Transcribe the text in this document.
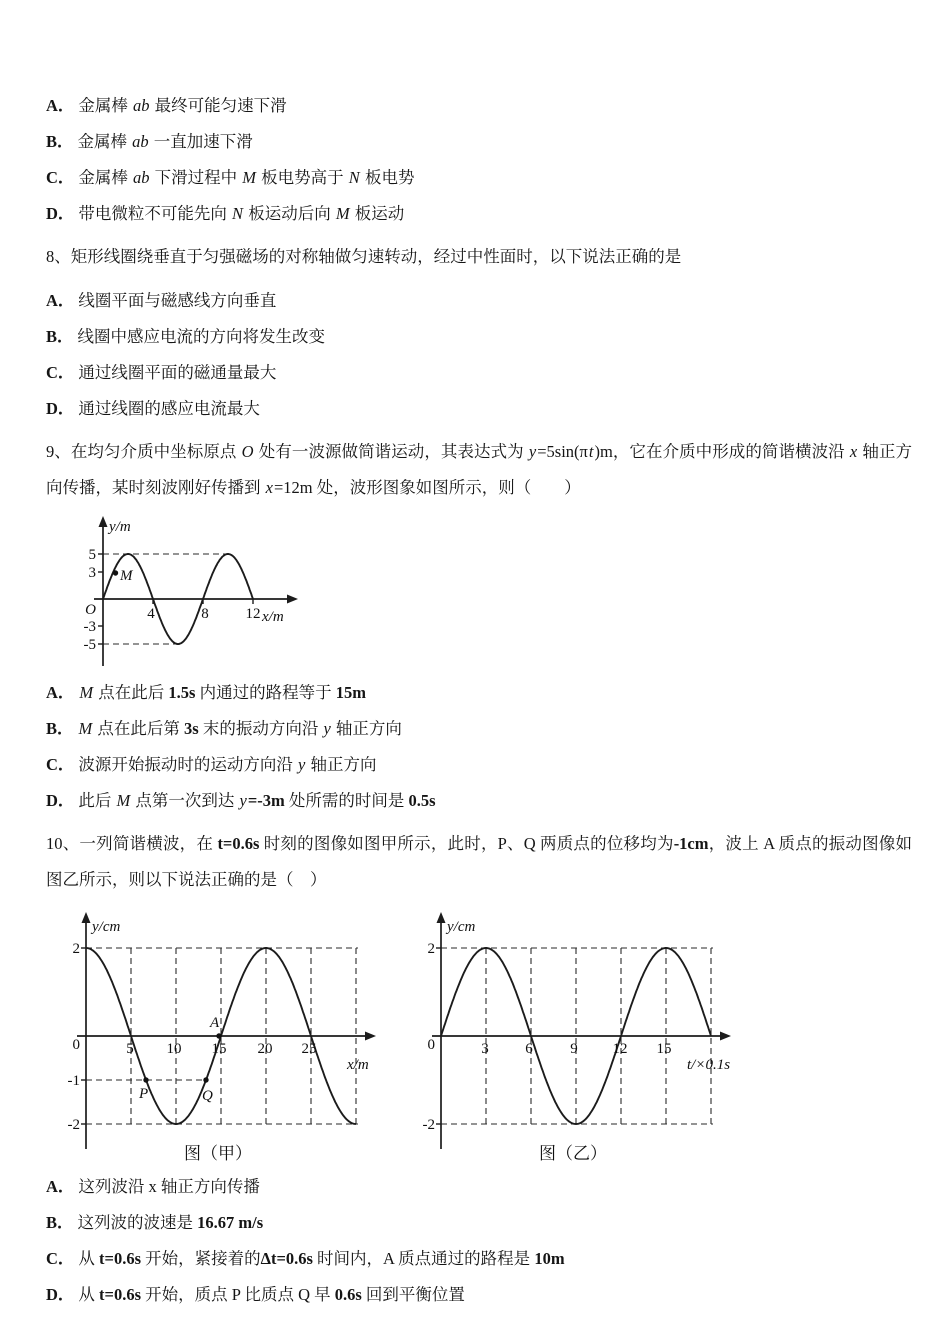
A． 金属棒 ab 最终可能匀速下滑
B． 金属棒 ab 一直加速下滑
C． 金属棒 ab 下滑过程中 M 板电势高于 N 板电势
D． 带电微粒不可能先向 N 板运动后向 M 板运动

8、矩形线圈绕垂直于匀强磁场的对称轴做匀速转动，经过中性面时，以下说法正确的是

A． 线圈平面与磁感线方向垂直
B． 线圈中感应电流的方向将发生改变
C． 通过线圈平面的磁通量最大
D． 通过线圈的感应电流最大

9、在均匀介质中坐标原点 O 处有一波源做简谐运动，其表达式为 y=5sin(πt)m，它在介质中形成的简谐横波沿 x 轴正方向传播，某时刻波刚好传播到 x=12m 处，波形图象如图所示，则（　　）

y/m
x/m
5
3
-3
-5
O	4	8 12
M
A． M 点在此后 1.5s 内通过的路程等于 15m
B． M 点在此后第 3s 末的振动方向沿 y 轴正方向
C． 波源开始振动时的运动方向沿 y 轴正方向
D． 此后 M 点第一次到达 y=-3m 处所需的时间是 0.5s

10、一列简谐横波，在 t=0.6s 时刻的图像如图甲所示，此时，P、Q 两质点的位移均为-1cm，波上 A 质点的振动图像如图乙所示，则以下说法正确的是（　）

y/cm
x/m
2
0
-1
-2
5 10 15 20 25
P	Q
A
图（甲）
y/cm
t/×0.1s
2
0
-2
3 6	9 12 15
图（乙）
A． 这列波沿 x 轴正方向传播
B． 这列波的波速是 16.67 m/s
C． 从 t=0.6s 开始，紧接着的Δt=0.6s 时间内，A 质点通过的路程是 10m
D． 从 t=0.6s 开始，质点 P 比质点 Q 早 0.6s 回到平衡位置
